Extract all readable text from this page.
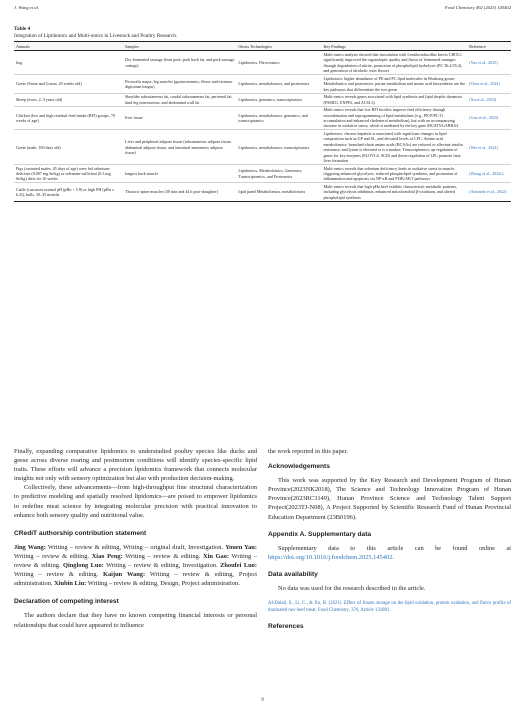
J. Wang et al.	Food Chemistry 492 (2025) 145402
Table 4
Integration of Lipidomics and Multi-omics in Livestock and Poultry Research.
Animals	Samples	Omics Technologies	Key Findings	Reference
hog	Dry fermented sausage (lean pork, pork back fat, and pork sausage casings)	Lipidomics, Flavoromics	Multi-omics analysis showed that inoculation with Lentilactobacillus brevis CHOL1 significantly improved the organoleptic quality and flavor of fermented sausages through degradation of nitrite, promotion of phospholipid hydrolysis (PC 36:2/35:2), and generation of alcoholic ester flavors	(Yao et al., 2025)
Geese (Stone and Gozon, 20 weeks old)	Pectoralis major, leg muscles (gastrocnemius, flexor and extensor digitorum longus)	Lipidomics, metabolomics, and proteomics	Lipidomics: higher abundance of PE and PC lipid molecules in Wuzhong goose; Metabolomics and proteomics: purine metabolism and amino acid biosynthesis are the key pathways that differentiate the two geese	(Chen et al., 2024)
Sheep (ewes, 2–3 years old)	Shoulder subcutaneous fat, caudal subcutaneous fat, perirenal fat, hind leg interosseous, and abdominal wall fat	Lipidomics, genomics, transcriptomics	Multi-omics reveals genes associated with lipid synthesis and lipid droplet dynamics (PSMD1, ENPP2, and ACSL3)	(Xu et al., 2023)
Chicken (low and high residual feed intake (RFI) groups, 70 weeks of age)	liver tissue	Lipidomics, metabolomics, genomics, and transcriptomics	Multi-omics reveals that low RFI broilers improve feed efficiency through recombination and reprogramming of lipid metabolism (e.g., PE-P/PC-O accumulation and enhanced cholesterol metabolism), but with an accompanying increase in oxidative stress, which is mediated by the key gene MGAT5/GABRA4	(Guo et al., 2025)
Geese (male, 100 days old)	Liver and peripheral adipose tissue (subcutaneous adipose tissue, abdominal adipose tissue, and intestinal-mesenteric adipose tissue)	Lipidomics, metabolomics, transcriptomics	Lipidomics: chronic hepatitis is associated with significant changes in lipid composition such as GP and SL, and elevated levels of LPC; Amino acid metabolomics: branched-chain amino acids (BCAAs) are reduced or alleviate insulin resistance, and lysine is elevated or is a marker; Transcriptomics: up-regulation of genes for key enzymes (ELOVL6, SCD) and down-regulation of LPL promote fatty liver formation	(Wei et al., 2024)
Pigs (castrated males, 45 days of age) were fed selenium-deficient (0.007 mg Se/kg) or selenium-sufficient (0.3 mg Se/kg) diets for 16 weeks	longest back muscle	Lipidomics, Metabolomics, Genomics, Transcriptomics, and Proteomics	Multi-omics reveals that selenium deficiency leads to oxidative stress in muscle, triggering enhanced glycolysis, reduced phospholipid synthesis, and promotion of inflammation and apoptosis via NF-κB and PI3K/AKT pathways.	(Zhang et al., 2022c)
Cattle (carcasses normal pH (pHu < 5.8) or high PH (pHu ≥ 6.2)), bulls, 30–35 months	Thoracic spine muscles (30 min and 44 h post-slaughter)	lipid panel Metabolomics, metabolomics	Multi-omics reveals that high pHu beef exhibits characteristic metabolic patterns, including glycolysis inhibition, enhanced mitochondrial β-oxidation, and altered phospholipid synthesis	(Antonelo et al., 2022)

Finally, expanding comparative lipidomics to understudied poultry species like ducks and geese across diverse rearing and postmortem conditions will identify species-specific lipid traits. These efforts will advance a precision lipidomics framework that connects molecular insights not only with sensory optimization but also with production decision-making.

Collectively, these advancements—from high-throughput fine structural characterization to predictive modeling and spatially resolved lipidomics—are poised to empower lipidomics to redefine meat science by integrating molecular precision with practical innovation to enhance both sensory quality and nutritional value.

CRediT authorship contribution statement

Jing Wang: Writing – review & editing, Writing – original draft, Investigation. Youen Yan: Writing – review & editing. Xiao Peng: Writing – review & editing. Xin Gao: Writing – review & editing. Qinglong Luo: Writing – review & editing, Investigation. Zhoufei Luo: Writing – review & editing. Kaijun Wang: Writing – review & editing, Project administration. Xiubin Liu: Writing – review & editing, Design, Project administration.

Declaration of competing interest

The authors declare that they have no known competing financial interests or personal relationships that could have appeared to influence

the work reported in this paper.

Acknowledgements

This work was supported by the Key Research and Development Program of Hunan Province(2023NK2018), The Science and Technology Innovation Program of Hunan Province(2023RC3149), Hunan Province Science and Technology Talent Support Project(2023TJ-N08), A Project Supported by Scientific Research Fund of Hunan Provincial Education Department (23B0196).

Appendix A. Supplementary data

Supplementary data to this article can be found online at https://doi.org/10.1016/j.foodchem.2025.145402.

Data availability

No data was used for the research described in the article.

Al-Dalali, S., Li, C., & Xu, B. (2021). Effect of frozen storage on the lipid oxidation, protein oxidation, and flavor profile of marinated raw beef meat. Food Chemistry, 376, Article 131881.

References

9
